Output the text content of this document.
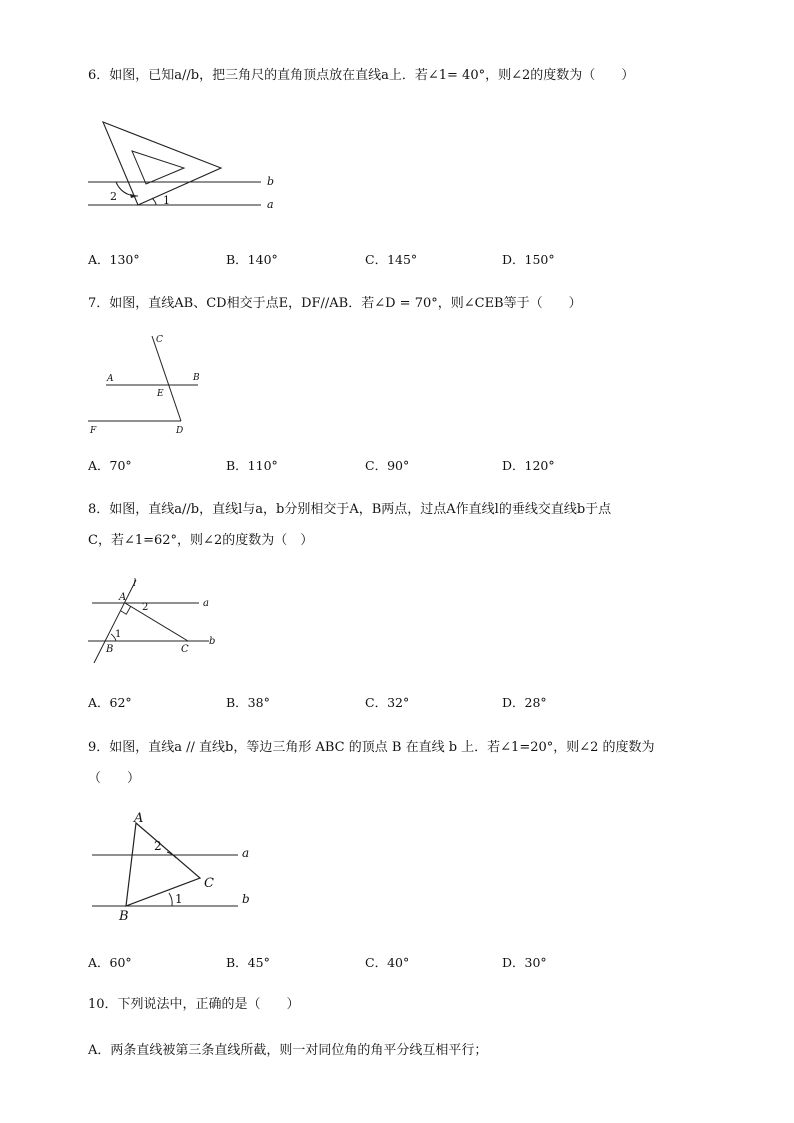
6．如图，已知a//b，把三角尺的直角顶点放在直线a上．若∠1= 40°，则∠2的度数为（　　）
2	1
b
a
A．130°	B．140°	C．145°	D．150°
7．如图，直线AB、CD相交于点E，DF//AB．若∠D = 70°，则∠CEB等于（　　）
C
A	B
E
F	D
A．70°	B．110°	C．90°	D．120°
8．如图，直线a//b，直线l与a，b分别相交于A，B两点，过点A作直线l的垂线交直线b于点
C，若∠1=62°，则∠2的度数为（　）
l
A
2	a
1
B	C
b
A．62°	B．38°	C．32°	D．28°
9．如图，直线a // 直线b，等边三角形 ABC 的顶点 B 在直线 b 上．若∠1=20°，则∠2 的度数为
（　　）
A
2	a
C
1
B
b
A．60°	B．45°	C．40°	D．30°
10．下列说法中，正确的是（　　）
A．两条直线被第三条直线所截，则一对同位角的角平分线互相平行；
